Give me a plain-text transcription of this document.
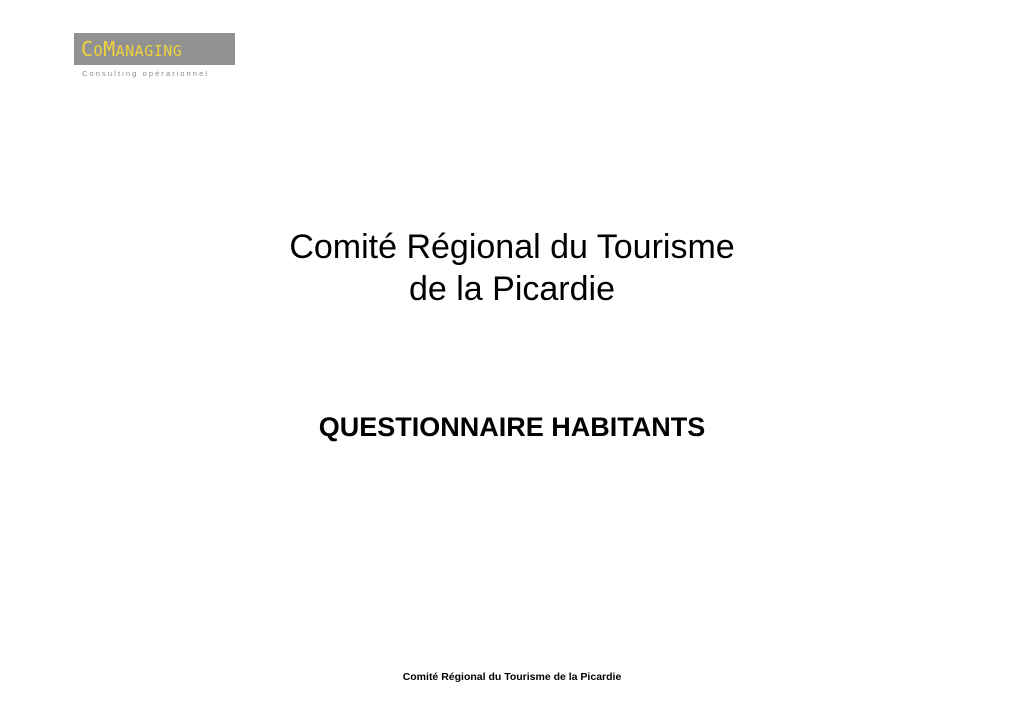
COMANAGING
Consulting opérationnel
Comité Régional du Tourisme
de la Picardie
QUESTIONNAIRE HABITANTS
Comité Régional du Tourisme de la Picardie
